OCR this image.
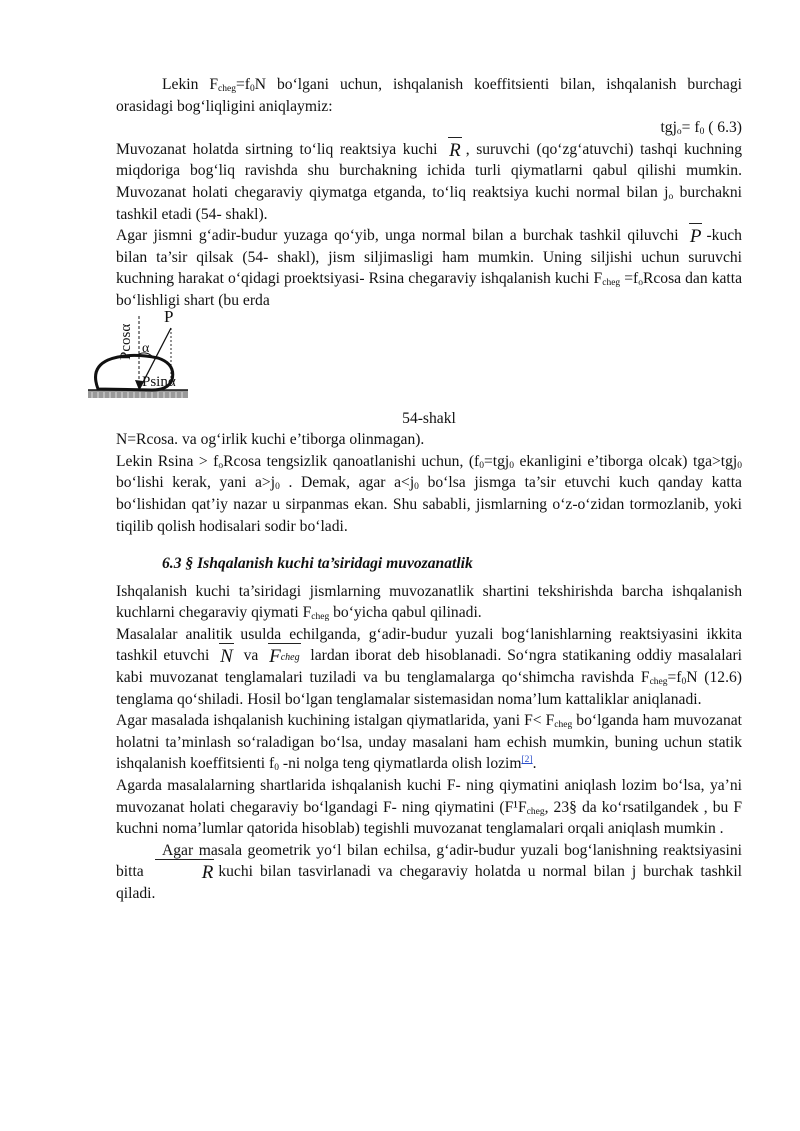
Lekin $F_{cheg}=f_0N$ bo‘lgani uchun, ishqalanish koeffitsienti bilan, ishqalanish burchagi orasidagi bog‘liqligini aniqlaymiz:

$tgj_o= f_0$ ( 6.3)

Muvozanat holatda sirtning to‘liq reaktsiya kuchi R , suruvchi (qo‘zg‘atuvchi) tashqi kuchning miqdoriga bog‘liq ravishda shu burchakning ichida turli qiymatlarni qabul qilishi mumkin. Muvozanat holati chegaraviy qiymatga etganda, to‘liq reaktsiya kuchi normal bilan $j_o$ burchakni tashkil etadi (54- shakl).

Agar jismni g‘adir-budur yuzaga qo‘yib, unga normal bilan a burchak tashkil qiluvchi P -kuch bilan ta’sir qilsak (54- shakl), jism siljimasligi ham mumkin. Uning siljishi uchun suruvchi kuchning harakat o‘qidagi proektsiyasi- Rsina chegaraviy ishqalanish kuchi $F_{cheg} =f_oRcosa$ dan katta bo‘lishligi shart (bu erda

P
α
Pcosα
Psinα

54-shakl

N=Rcosa. va og‘irlik kuchi e’tiborga olinmagan).

Lekin $Rsina > f_oRcosa$ tengsizlik qanoatlanishi uchun, ($f_0=tgj_0$ ekanligini e’tiborga olcak) tga>tgj$_0$ bo‘lishi kerak, yani $a>j_0$ . Demak, agar $a<j_0$ bo‘lsa jismga ta’sir etuvchi kuch qanday katta bo‘lishidan qat’iy nazar u sirpanmas ekan. Shu sababli, jismlarning o‘z-o‘zidan tormozlanib, yoki tiqilib qolish hodisalari sodir bo‘ladi.

6.3 § Ishqalanish kuchi ta’siridagi muvozanatlik

Ishqalanish kuchi ta’siridagi jismlarning muvozanatlik shartini tekshirishda barcha ishqalanish kuchlarni chegaraviy qiymati $F_{cheg}$ bo‘yicha qabul qilinadi.

Masalalar analitik usulda echilganda, g‘adir-budur yuzali bog‘lanishlarning reaktsiyasini ikkita tashkil etuvchi N va $F_{cheg}$ lardan iborat deb hisoblanadi. So‘ngra statikaning oddiy masalalari kabi muvozanat tenglamalari tuziladi va bu tenglamalarga qo‘shimcha ravishda $F_{cheg}=f_0N$ (12.6) tenglama qo‘shiladi. Hosil bo‘lgan tenglamalar sistemasidan noma’lum kattaliklar aniqlanadi.

Agar masalada ishqalanish kuchining istalgan qiymatlarida, yani $F< F_{cheg}$ bo‘lganda ham muvozanat holatni ta’minlash so‘raladigan bo‘lsa, unday masalani ham echish mumkin, buning uchun statik ishqalanish koeffitsienti $f_0$ -ni nolga teng qiymatlarda olish lozim[2].

Agarda masalalarning shartlarida ishqalanish kuchi F- ning qiymatini aniqlash lozim bo‘lsa, ya’ni muvozanat holati chegaraviy bo‘lgandagi F- ning qiymatini ($F^1F_{cheg}$, 23§ da ko‘rsatilgandek , bu F kuchni noma’lumlar qatorida hisoblab) tegishli muvozanat tenglamalari orqali aniqlash mumkin .

Agar masala geometrik yo‘l bilan echilsa, g‘adir-budur yuzali bog‘lanishning reaktsiyasini bitta	R kuchi bilan tasvirlanadi va chegaraviy holatda u normal bilan j burchak tashkil qiladi.
